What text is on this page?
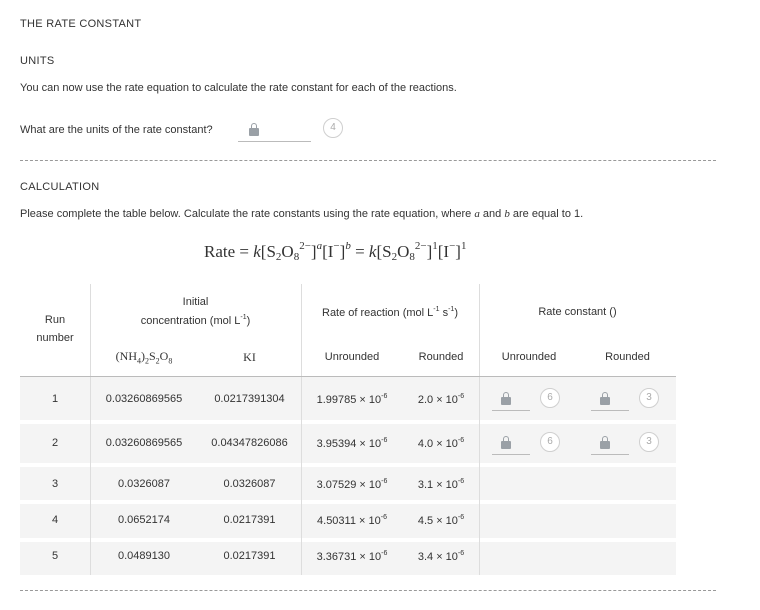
THE RATE CONSTANT
UNITS
You can now use the rate equation to calculate the rate constant for each of the reactions.
What are the units of the rate constant?	4
CALCULATION
Please complete the table below. Calculate the rate constants using the rate equation, where a and b are equal to 1.
Rate = $k[S_2O_8^{2-}]^a[I^-]^b = k[S_2O_8^{2-}]^1[I^-]^1$
Run
number
Initial
concentration (mol $L^{-1}$)
Rate of reaction (mol $L^{-1}$ $s^{-1}$)	Rate constant ()
$(NH_4)_2S_2O_8$	KI	Unrounded	Rounded	Unrounded	Rounded
1	0.03260869565	0.0217391304	$1.99785 \times 10^{-6}$	$2.0 \times 10^{-6}$	6	3
2	0.03260869565	0.04347826086	$3.95394 \times 10^{-6}$	$4.0 \times 10^{-6}$	6	3
3	0.0326087	0.0326087	$3.07529 \times 10^{-6}$	$3.1 \times 10^{-6}$
4	0.0652174	0.0217391	$4.50311 \times 10^{-6}$	$4.5 \times 10^{-6}$
5	0.0489130	0.0217391	$3.36731 \times 10^{-6}$	$3.4 \times 10^{-6}$
